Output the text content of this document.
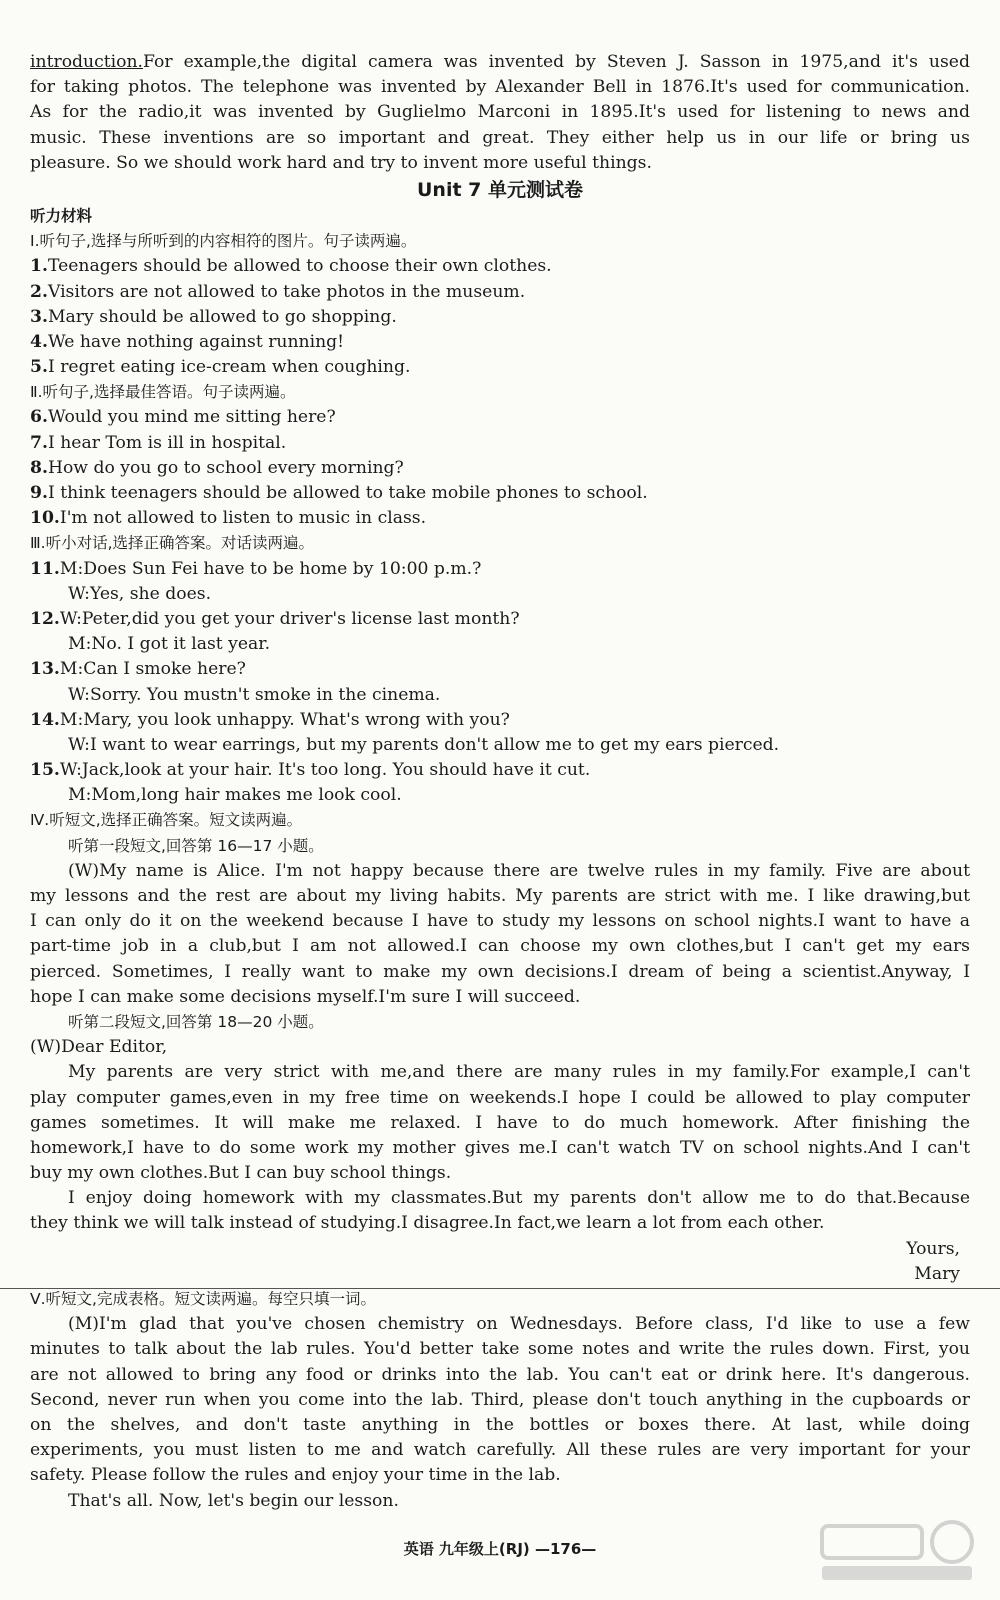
introduction.For example,the digital camera was invented by Steven J. Sasson in 1975,and it's used
for taking photos. The telephone was invented by Alexander Bell in 1876.It's used for communication.
As for the radio,it was invented by Guglielmo Marconi in 1895.It's used for listening to news and
music. These inventions are so important and great. They either help us in our life or bring us
pleasure. So we should work hard and try to invent more useful things.
Unit 7 单元测试卷
听力材料
Ⅰ.听句子,选择与所听到的内容相符的图片。句子读两遍。
1.Teenagers should be allowed to choose their own clothes.
2.Visitors are not allowed to take photos in the museum.
3.Mary should be allowed to go shopping.
4.We have nothing against running!
5.I regret eating ice-cream when coughing.
Ⅱ.听句子,选择最佳答语。句子读两遍。
6.Would you mind me sitting here?
7.I hear Tom is ill in hospital.
8.How do you go to school every morning?
9.I think teenagers should be allowed to take mobile phones to school.
10.I'm not allowed to listen to music in class.
Ⅲ.听小对话,选择正确答案。对话读两遍。
11.M:Does Sun Fei have to be home by 10:00 p.m.?
W:Yes, she does.
12.W:Peter,did you get your driver's license last month?
M:No. I got it last year.
13.M:Can I smoke here?
W:Sorry. You mustn't smoke in the cinema.
14.M:Mary, you look unhappy. What's wrong with you?
W:I want to wear earrings, but my parents don't allow me to get my ears pierced.
15.W:Jack,look at your hair. It's too long. You should have it cut.
M:Mom,long hair makes me look cool.
Ⅳ.听短文,选择正确答案。短文读两遍。
听第一段短文,回答第 16—17 小题。
(W)My name is Alice. I'm not happy because there are twelve rules in my family. Five are about
my lessons and the rest are about my living habits. My parents are strict with me. I like drawing,but
I can only do it on the weekend because I have to study my lessons on school nights.I want to have a
part-time job in a club,but I am not allowed.I can choose my own clothes,but I can't get my ears
pierced. Sometimes, I really want to make my own decisions.I dream of being a scientist.Anyway, I
hope I can make some decisions myself.I'm sure I will succeed.
听第二段短文,回答第 18—20 小题。
(W)Dear Editor,
My parents are very strict with me,and there are many rules in my family.For example,I can't
play computer games,even in my free time on weekends.I hope I could be allowed to play computer
games sometimes. It will make me relaxed. I have to do much homework. After finishing the
homework,I have to do some work my mother gives me.I can't watch TV on school nights.And I can't
buy my own clothes.But I can buy school things.
I enjoy doing homework with my classmates.But my parents don't allow me to do that.Because
they think we will talk instead of studying.I disagree.In fact,we learn a lot from each other.
Yours,
Mary
Ⅴ.听短文,完成表格。短文读两遍。每空只填一词。
(M)I'm glad that you've chosen chemistry on Wednesdays. Before class, I'd like to use a few
minutes to talk about the lab rules. You'd better take some notes and write the rules down. First, you
are not allowed to bring any food or drinks into the lab. You can't eat or drink here. It's dangerous.
Second, never run when you come into the lab. Third, please don't touch anything in the cupboards or
on the shelves, and don't taste anything in the bottles or boxes there. At last, while doing
experiments, you must listen to me and watch carefully. All these rules are very important for your
safety. Please follow the rules and enjoy your time in the lab.
That's all. Now, let's begin our lesson.
英语 九年级上(RJ) —176—
